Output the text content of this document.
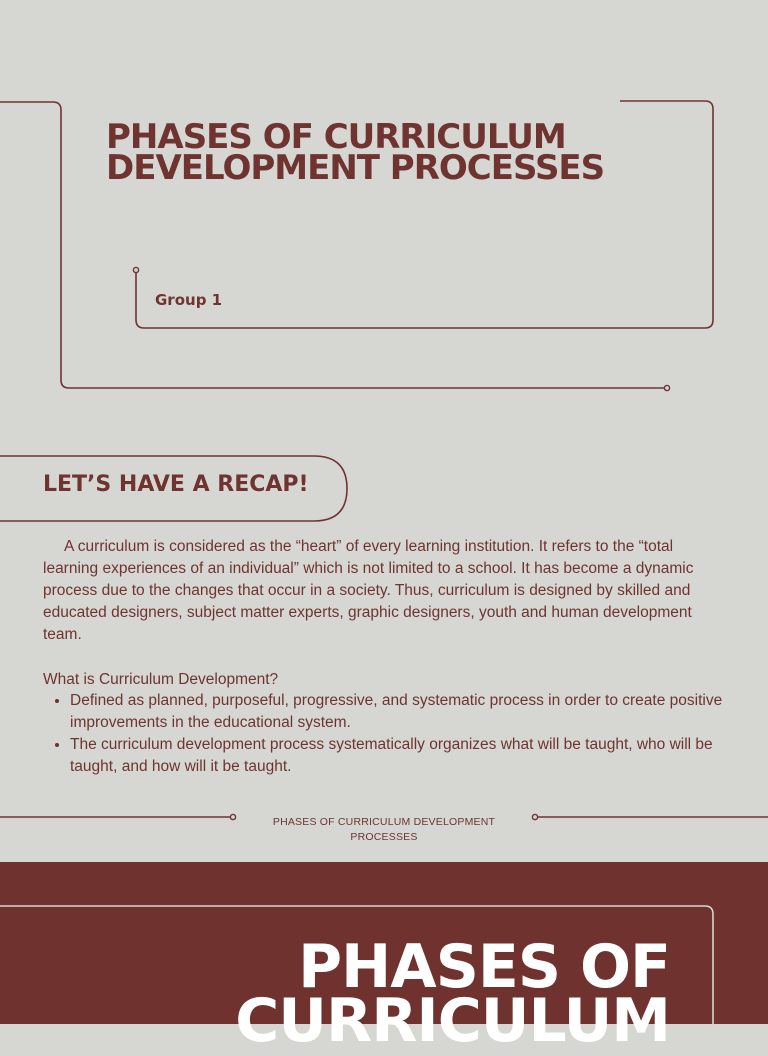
PHASES OF CURRICULUM DEVELOPMENT PROCESSES
Group 1
LET’S HAVE A RECAP!

A curriculum is considered as the “heart” of every learning institution. It refers to the “total learning experiences of an individual” which is not limited to a school. It has become a dynamic process due to the changes that occur in a society. Thus, curriculum is designed by skilled and educated designers, subject matter experts, graphic designers, youth and human development team.

What is Curriculum Development?

• Defined as planned, purposeful, progressive, and systematic process in order to create positive improvements in the educational system.
• The curriculum development process systematically organizes what will be taught, who will be taught, and how will it be taught.
PHASES OF CURRICULUM DEVELOPMENT PROCESSES
PHASES OF CURRICULUM
